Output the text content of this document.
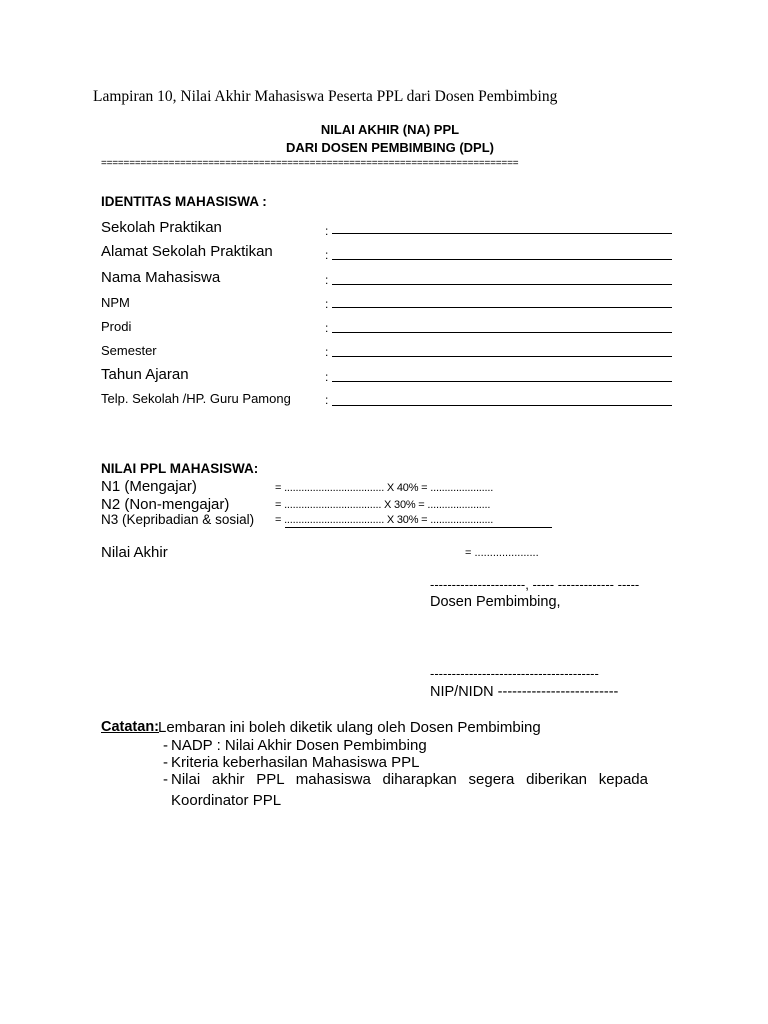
Lampiran 10, Nilai Akhir Mahasiswa Peserta PPL dari Dosen Pembimbing
NILAI AKHIR (NA) PPL
DARI DOSEN PEMBIMBING (DPL)
==========================================================================
IDENTITAS MAHASISWA :
Sekolah Praktikan	:
Alamat Sekolah Praktikan	:
Nama Mahasiswa	:
NPM	:
Prodi	:
Semester	:
Tahun Ajaran	:
Telp. Sekolah /HP. Guru Pamong	:
NILAI PPL MAHASISWA:
N1 (Mengajar)	= ................................... X 40% = ......................
N2 (Non-mengajar)	= .................................. X 30% = ......................
N3 (Kepribadian & sosial) = ................................... X 30% = ......................
Nilai Akhir	= .....................
----------------------, ----- ------------- -----
Dosen Pembimbing,
---------------------------------------
NIP/NIDN -------------------------
Catatan:
Lembaran ini boleh diketik ulang oleh Dosen Pembimbing
- NADP : Nilai Akhir Dosen Pembimbing
- Kriteria keberhasilan Mahasiswa PPL
- Nilai akhir PPL mahasiswa diharapkan segera diberikan kepada
Koordinator PPL
